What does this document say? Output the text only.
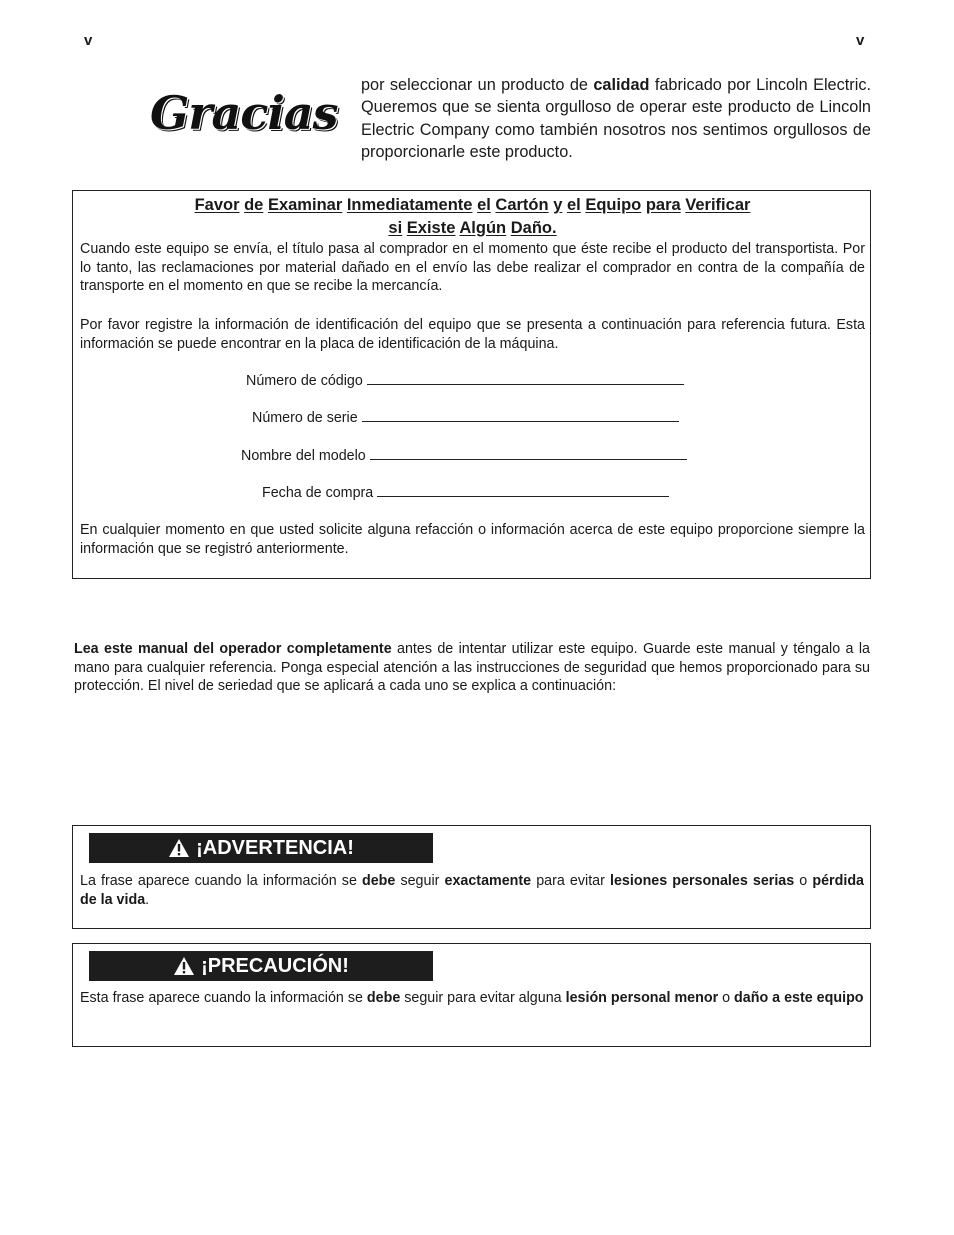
v	v
Gracias
por seleccionar un producto de calidad fabricado por Lincoln Electric. Queremos que se sienta orgulloso de operar este producto de Lincoln Electric Company como también nosotros nos sentimos orgullosos de proporcionarle este producto.
Favor de Examinar Inmediatamente el Cartón y el Equipo para Verificar
si Existe Algún Daño.
Cuando este equipo se envía, el título pasa al comprador en el momento que éste recibe el producto del transportista. Por lo tanto, las reclamaciones por material dañado en el envío las debe realizar el comprador en contra de la compañía de transporte en el momento en que se recibe la mercancía.
Por favor registre la información de identificación del equipo que se presenta a continuación para referencia futura. Esta información se puede encontrar en la placa de identificación de la máquina.
Número de código
Número de serie
Nombre del modelo
Fecha de compra
En cualquier momento en que usted solicite alguna refacción o información acerca de este equipo proporcione siempre la información que se registró anteriormente.
Lea este manual del operador completamente antes de intentar utilizar este equipo. Guarde este manual y téngalo a la mano para cualquier referencia. Ponga especial atención a las instrucciones de seguridad que hemos proporcionado para su protección. El nivel de seriedad que se aplicará a cada uno se explica a continuación:
¡ADVERTENCIA!
La frase aparece cuando la información se debe seguir exactamente para evitar lesiones personales serias o pérdida de la vida.
¡PRECAUCIÓN!
Esta frase aparece cuando la información se debe seguir para evitar alguna lesión personal menor o daño a este equipo
